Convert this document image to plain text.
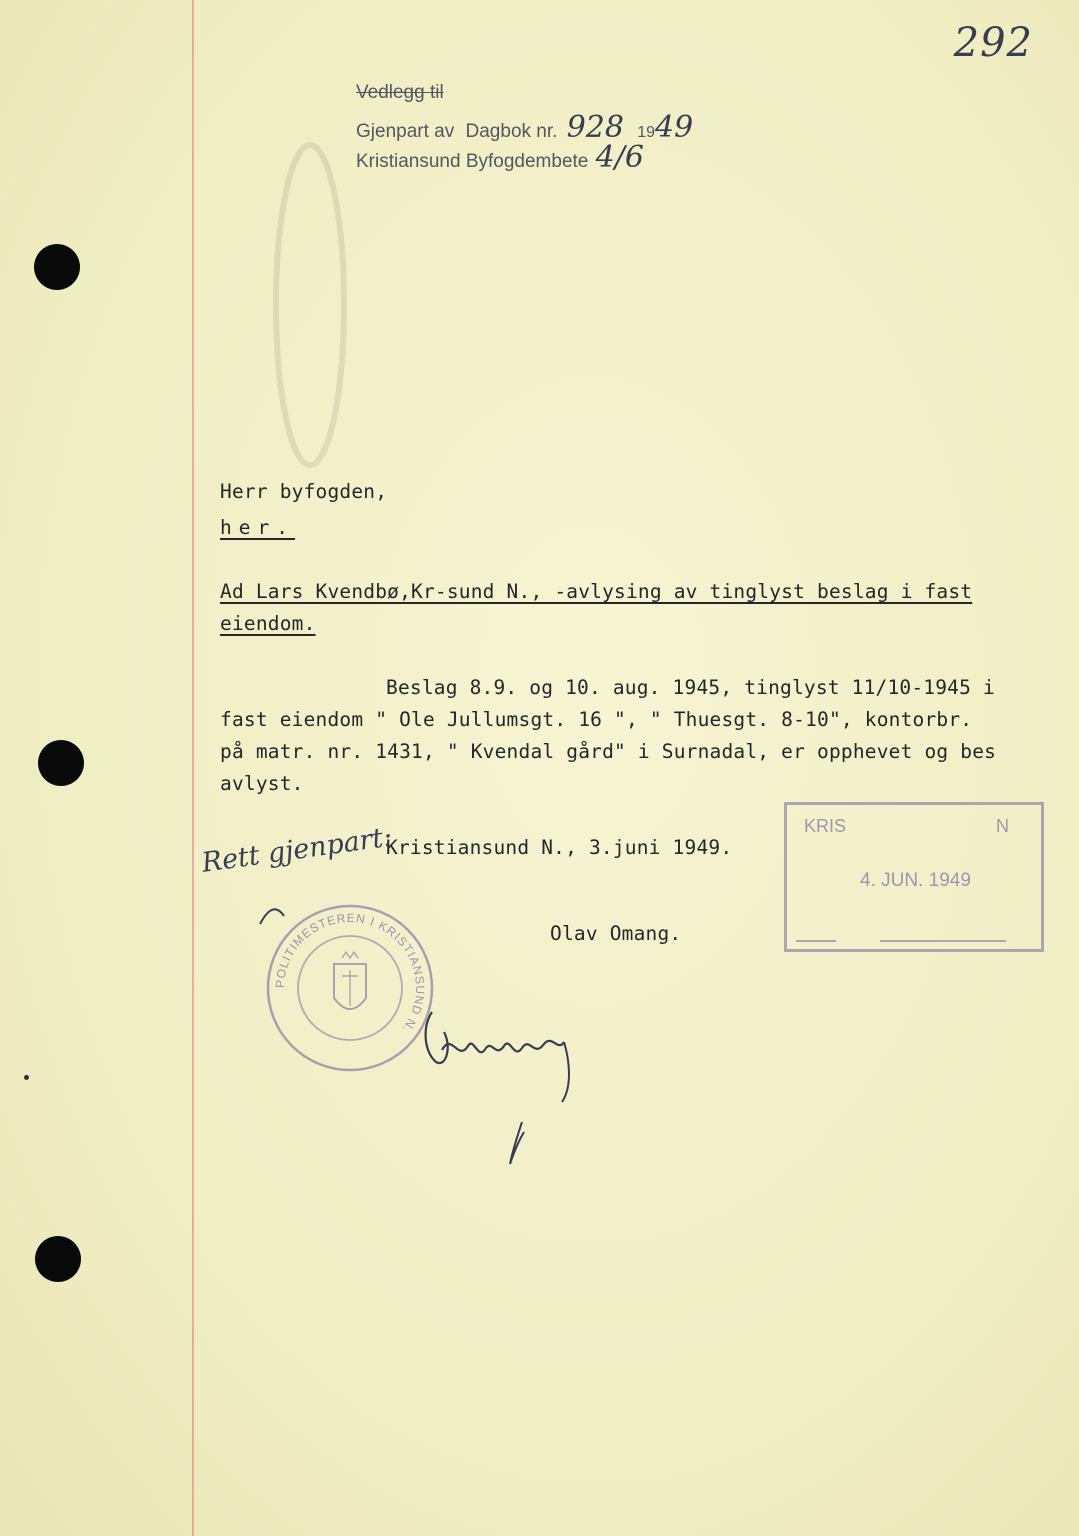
292
Vedlegg til
Gjenpart av Dagbok nr. 928 1949
Kristiansund Byfogdembete 4/6
Herr byfogden,
her.
Ad Lars Kvendbø,Kr-sund N., -avlysing av tinglyst beslag i fast
eiendom.
Beslag 8.9. og 10. aug. 1945, tinglyst 11/10-1945 i
fast eiendom " Ole Jullumsgt. 16 ", " Thuesgt. 8-10", kontorbr.
på matr. nr. 1431, " Kvendal gård" i Surnadal, er opphevet og bes
avlyst.
Kristiansund N., 3.juni 1949.
Olav Omang.
Rett gjenpart:	KRIS	N
4. JUN. 1949
POLITIMESTEREN I KRISTIANSUND N.
